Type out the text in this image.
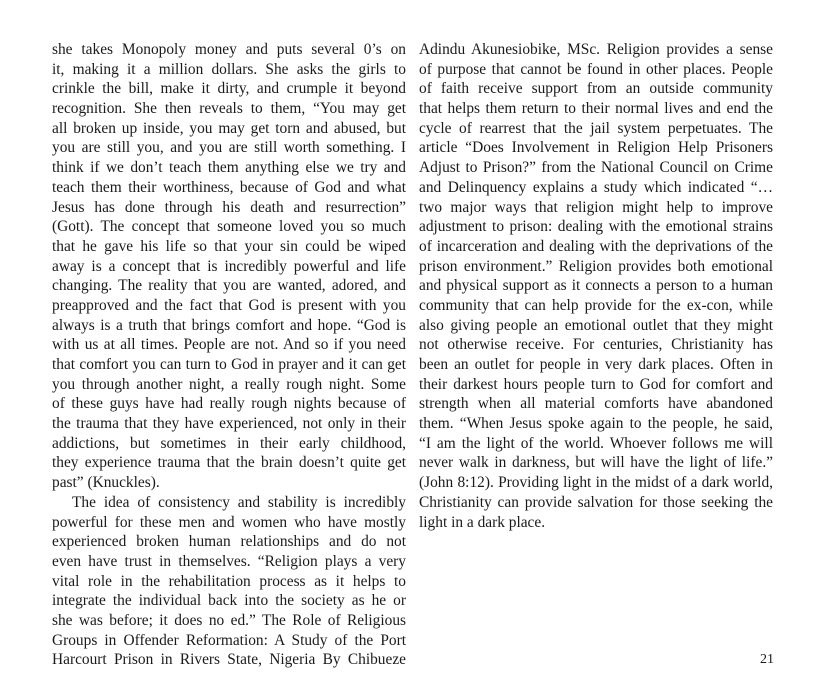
she takes Monopoly money and puts several 0’s on
it, making it a million dollars. She asks the girls to
crinkle the bill, make it dirty, and crumple it beyond
recognition. She then reveals to them, “You may get
all broken up inside, you may get torn and abused, but
you are still you, and you are still worth something. I
think if we don’t teach them anything else we try and
teach them their worthiness, because of God and what
Jesus has done through his death and resurrection”
(Gott). The concept that someone loved you so much
that he gave his life so that your sin could be wiped
away is a concept that is incredibly powerful and life
changing. The reality that you are wanted, adored, and
preapproved and the fact that God is present with you
always is a truth that brings comfort and hope. “God is
with us at all times. People are not. And so if you need
that comfort you can turn to God in prayer and it can get
you through another night, a really rough night. Some
of these guys have had really rough nights because of
the trauma that they have experienced, not only in their
addictions, but sometimes in their early childhood,
they experience trauma that the brain doesn’t quite get
past” (Knuckles).
The idea of consistency and stability is incredibly
powerful for these men and women who have mostly
experienced broken human relationships and do not
even have trust in themselves. “Religion plays a very
vital role in the rehabilitation process as it helps to
integrate the individual back into the society as he or
she was before; it does no ed.” The Role of Religious
Groups in Offender Reformation: A Study of the Port
Harcourt Prison in Rivers State, Nigeria By Chibueze
Adindu Akunesiobike, MSc. Religion provides a sense
of purpose that cannot be found in other places. People
of faith receive support from an outside community
that helps them return to their normal lives and end the
cycle of rearrest that the jail system perpetuates. The
article “Does Involvement in Religion Help Prisoners
Adjust to Prison?” from the National Council on Crime
and Delinquency explains a study which indicated “…
two major ways that religion might help to improve
adjustment to prison: dealing with the emotional strains
of incarceration and dealing with the deprivations of the
prison environment.” Religion provides both emotional
and physical support as it connects a person to a human
community that can help provide for the ex-con, while
also giving people an emotional outlet that they might
not otherwise receive. For centuries, Christianity has
been an outlet for people in very dark places. Often in
their darkest hours people turn to God for comfort and
strength when all material comforts have abandoned
them. “When Jesus spoke again to the people, he said,
“I am the light of the world. Whoever follows me will
never walk in darkness, but will have the light of life.”
(John 8:12). Providing light in the midst of a dark world,
Christianity can provide salvation for those seeking the
light in a dark place.
21
